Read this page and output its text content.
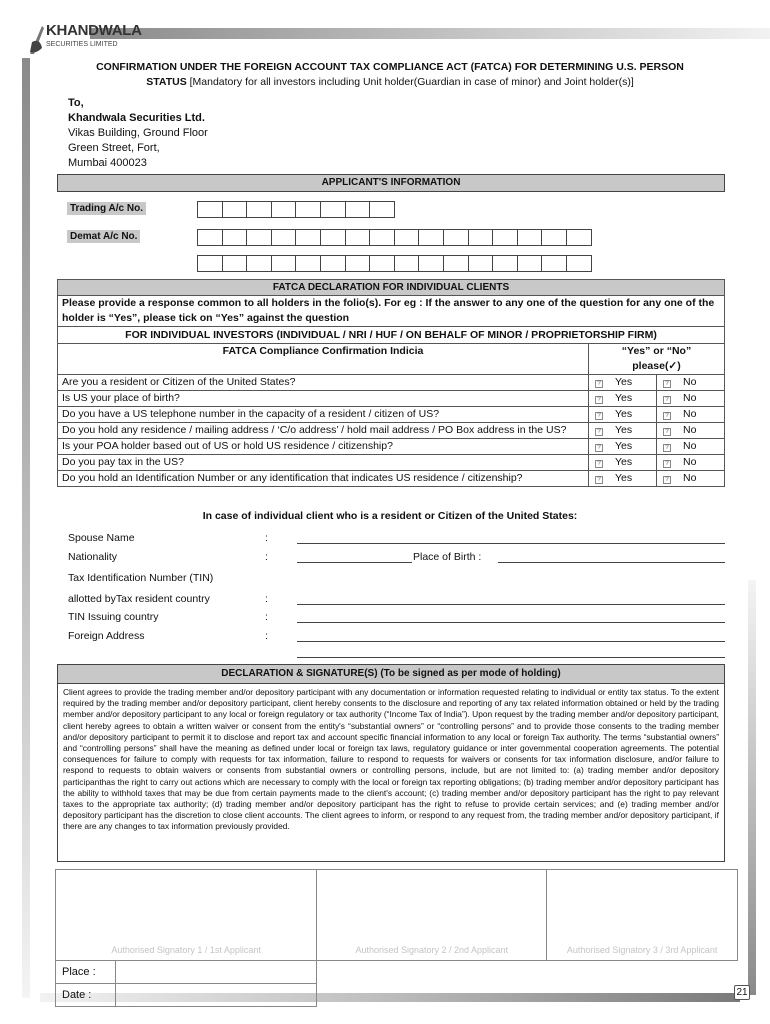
21
KHANDWALA
SECURITIES LIMITED
CONFIRMATION UNDER THE FOREIGN ACCOUNT TAX COMPLIANCE ACT (FATCA) FOR DETERMINING U.S. PERSON
STATUS [Mandatory for all investors including Unit holder(Guardian in case of minor) and Joint holder(s)]
To,
Khandwala Securities Ltd.
Vikas Building, Ground Floor
Green Street, Fort,
Mumbai 400023
APPLICANT'S INFORMATION
Trading A/c No.
Demat A/c No.
FATCA DECLARATION FOR INDIVIDUAL CLIENTS		
Please provide a response common to all holders in the folio(s). For eg : If the answer to any one of the question for any one of the holder is “Yes”, please tick on “Yes” against the question		
FOR INDIVIDUAL INVESTORS (INDIVIDUAL / NRI / HUF / ON BEHALF OF MINOR / PROPRIETORSHIP FIRM)		
FATCA Compliance Confirmation Indicia	“Yes” or “No” please(✓)	
Are you a resident or Citizen of the United States?	? Yes	? No
Is US your place of birth?	? Yes	? No
Do you have a US telephone number in the capacity of a resident / citizen of US?	? Yes	? No
Do you hold any residence / mailing address / ‘C/o address’ / hold mail address / PO Box address in the US?	? Yes	? No
Is your POA holder based out of US or hold US residence / citizenship?	? Yes	? No
Do you pay tax in the US?	? Yes	? No
Do you hold an Identification Number or any identification that indicates US residence / citizenship?	? Yes	? No
In case of individual client who is a resident or Citizen of the United States:
Spouse Name	:
Nationality	:	Place of Birth :
Tax Identification Number (TIN)
allotted byTax resident country	:
TIN Issuing country	:
Foreign Address	:
DECLARATION & SIGNATURE(S) (To be signed as per mode of holding)

Client agrees to provide the trading member and/or depository participant with any documentation or information requested relating to individual or entity tax status. To the extent required by the trading member and/or depository participant, client hereby consents to the disclosure and reporting of any tax related information obtained or held by the trading member and/or depository participant to any local or foreign regulatory or tax authority (“Income Tax of India”). Upon request by the trading member and/or depository participant, client hereby agrees to obtain a written waiver or consent from the entity's “substantial owners” or “controlling persons” and to provide those consents to the trading member and/or depository participant to permit it to disclose and report tax and account specific financial information to any local or foreign Tax authority. The terms “substantial owners” and “controlling persons” shall have the meaning as defined under local or foreign tax laws, regulatory guidance or inter governmental cooperation agreements. The potential consequences for failure to comply with requests for tax information, failure to respond to requests for waivers or consents for tax information disclosure, and/or failure to respond to requests to obtain waivers or consents from substantial owners or controlling persons, include, but are not limited to: (a) trading member and/or depository participanthas the right to carry out actions which are necessary to comply with the local or foreign tax reporting obligations; (b) trading member and/or depository participant has the ability to withhold taxes that may be due from certain payments made to the client's account; (c) trading member and/or depository participant has the right to pay relevant taxes to the appropriate tax authority; (d) trading member and/or depository participant has the right to refuse to provide certain services; and (e) trading member and/or depository participant has the discretion to close client accounts. The client agrees to inform, or respond to any request from, the trading member and/or depository participant, if there are any changes to tax information previously provided.

Authorised Signatory 1 / 1st Applicant		Authorised Signatory 2 / 2nd Applicant	Authorised Signatory 3 / 3rd Applicant
Place :			
Date :			
